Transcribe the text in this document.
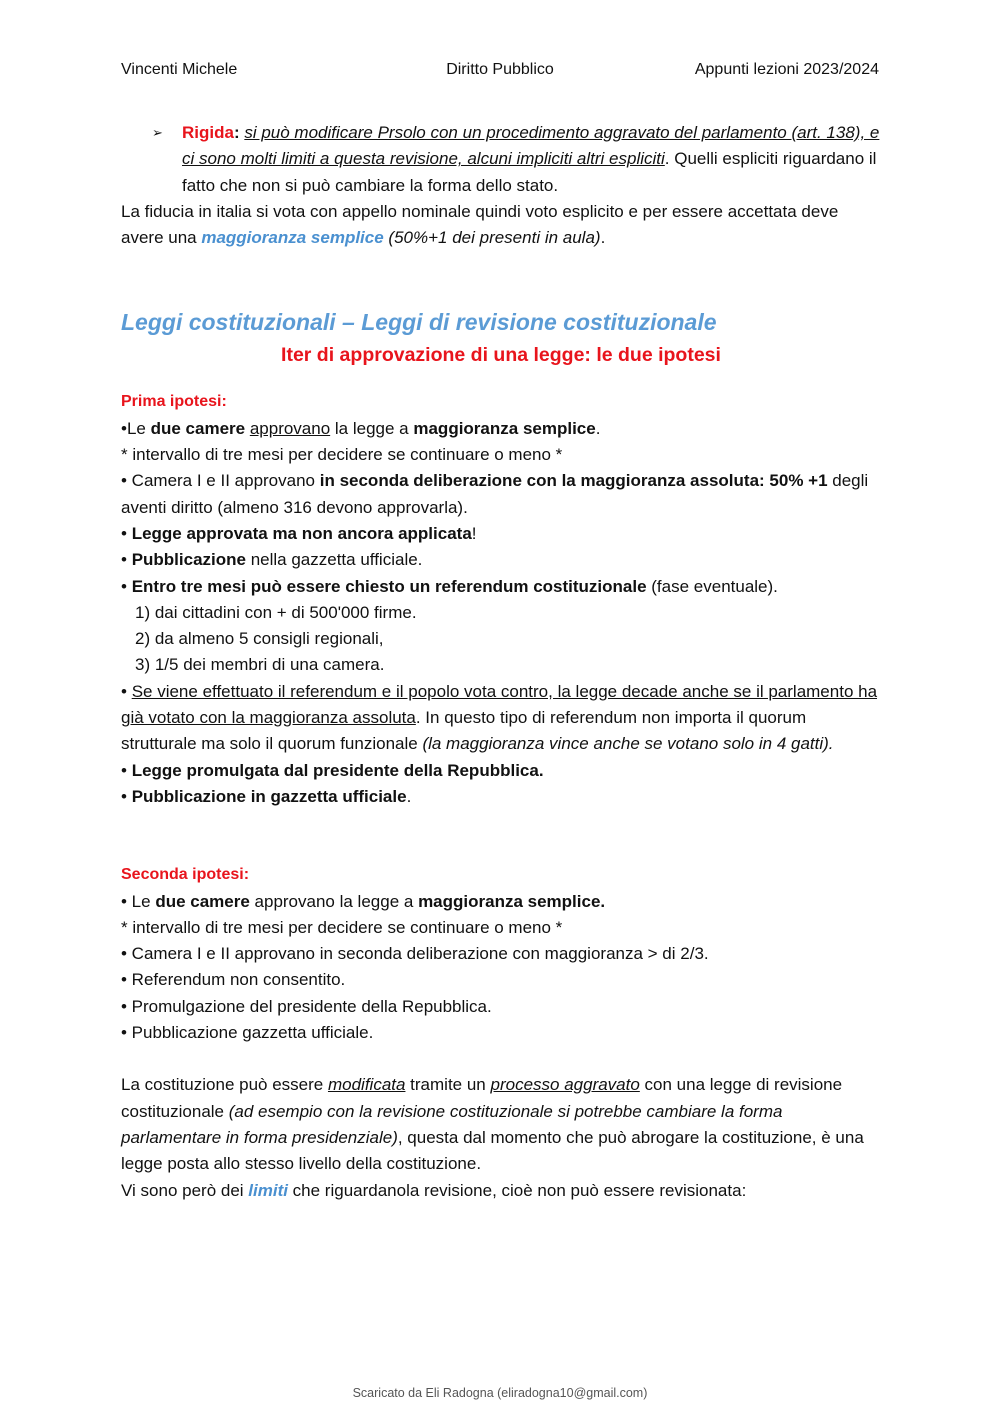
Vincenti Michele	Diritto Pubblico	Appunti lezioni 2023/2024

➢ Rigida: si può modificare Prsolo con un procedimento aggravato del parlamento (art. 138), e ci sono molti limiti a questa revisione, alcuni impliciti altri espliciti. Quelli espliciti riguardano il fatto che non si può cambiare la forma dello stato.

La fiducia in italia si vota con appello nominale quindi voto esplicito e per essere accettata deve avere una maggioranza semplice (50%+1 dei presenti in aula).

Leggi costituzionali – Leggi di revisione costituzionale
Iter di approvazione di una legge: le due ipotesi

Prima ipotesi:

•Le due camere approvano la legge a maggioranza semplice.

* intervallo di tre mesi per decidere se continuare o meno *

• Camera I e II approvano in seconda deliberazione con la maggioranza assoluta: 50% +1 degli aventi diritto (almeno 316 devono approvarla).

• Legge approvata ma non ancora applicata!

• Pubblicazione nella gazzetta ufficiale.

• Entro tre mesi può essere chiesto un referendum costituzionale (fase eventuale).

1) dai cittadini con + di 500'000 firme.

2) da almeno 5 consigli regionali,

3) 1/5 dei membri di una camera.

• Se viene effettuato il referendum e il popolo vota contro, la legge decade anche se il parlamento ha già votato con la maggioranza assoluta. In questo tipo di referendum non importa il quorum strutturale ma solo il quorum funzionale (la maggioranza vince anche se votano solo in 4 gatti).

• Legge promulgata dal presidente della Repubblica.

• Pubblicazione in gazzetta ufficiale.

Seconda ipotesi:

• Le due camere approvano la legge a maggioranza semplice.

* intervallo di tre mesi per decidere se continuare o meno *

• Camera I e II approvano in seconda deliberazione con maggioranza > di 2/3.

• Referendum non consentito.

• Promulgazione del presidente della Repubblica.

• Pubblicazione gazzetta ufficiale.

La costituzione può essere modificata tramite un processo aggravato con una legge di revisione costituzionale (ad esempio con la revisione costituzionale si potrebbe cambiare la forma parlamentare in forma presidenziale), questa dal momento che può abrogare la costituzione, è una legge posta allo stesso livello della costituzione.

Vi sono però dei limiti che riguardanola revisione, cioè non può essere revisionata:

Scaricato da Eli Radogna (eliradogna10@gmail.com)
